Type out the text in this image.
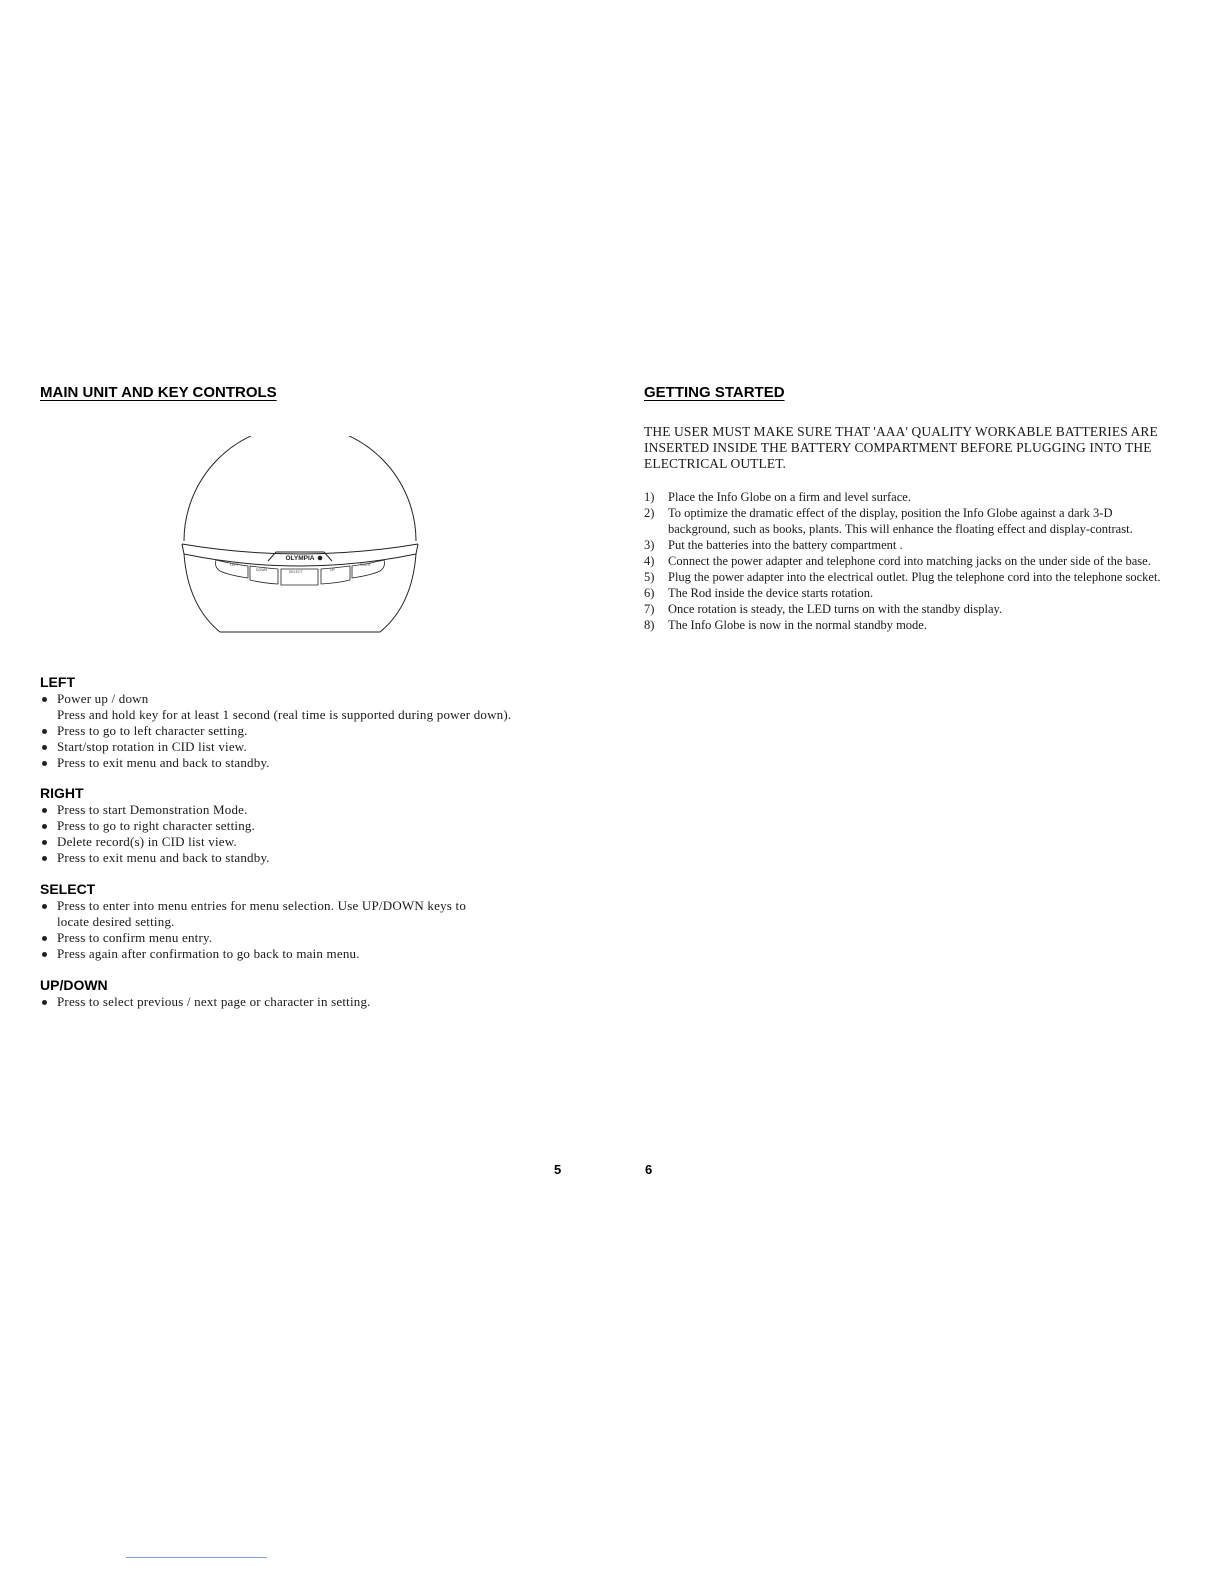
MAIN UNIT AND KEY CONTROLS
OLYMPIA
LEFT
DOWN	SELECT	UP
RIGHT
LEFT
Power up / down
Press and hold key for at least 1 second (real time is supported during power down).
Press to go to left character setting.
Start/stop rotation in CID list view.
Press to exit menu and back to standby.
RIGHT
Press to start Demonstration Mode.
Press to go to right character setting.
Delete record(s) in CID list view.
Press to exit menu and back to standby.
SELECT
Press to enter into menu entries for menu selection. Use UP/DOWN keys to
locate desired setting.
Press to confirm menu entry.
Press again after confirmation to go back to main menu.
UP/DOWN
Press to select previous / next page or character in setting.
GETTING STARTED

THE USER MUST MAKE SURE THAT 'AAA' QUALITY WORKABLE BATTERIES ARE INSERTED INSIDE THE BATTERY COMPARTMENT BEFORE PLUGGING INTO THE ELECTRICAL OUTLET.

1) Place the Info Globe on a firm and level surface.
2) To optimize the dramatic effect of the display, position the Info Globe against a dark 3-D background, such as books, plants. This will enhance the floating effect and display-contrast.
3) Put the batteries into the battery compartment .
4) Connect the power adapter and telephone cord into matching jacks on the under side of the base.
5) Plug the power adapter into the electrical outlet. Plug the telephone cord into the telephone socket.
6) The Rod inside the device starts rotation.
7) Once rotation is steady, the LED turns on with the standby display.
8) The Info Globe is now in the normal standby mode.
5	6
